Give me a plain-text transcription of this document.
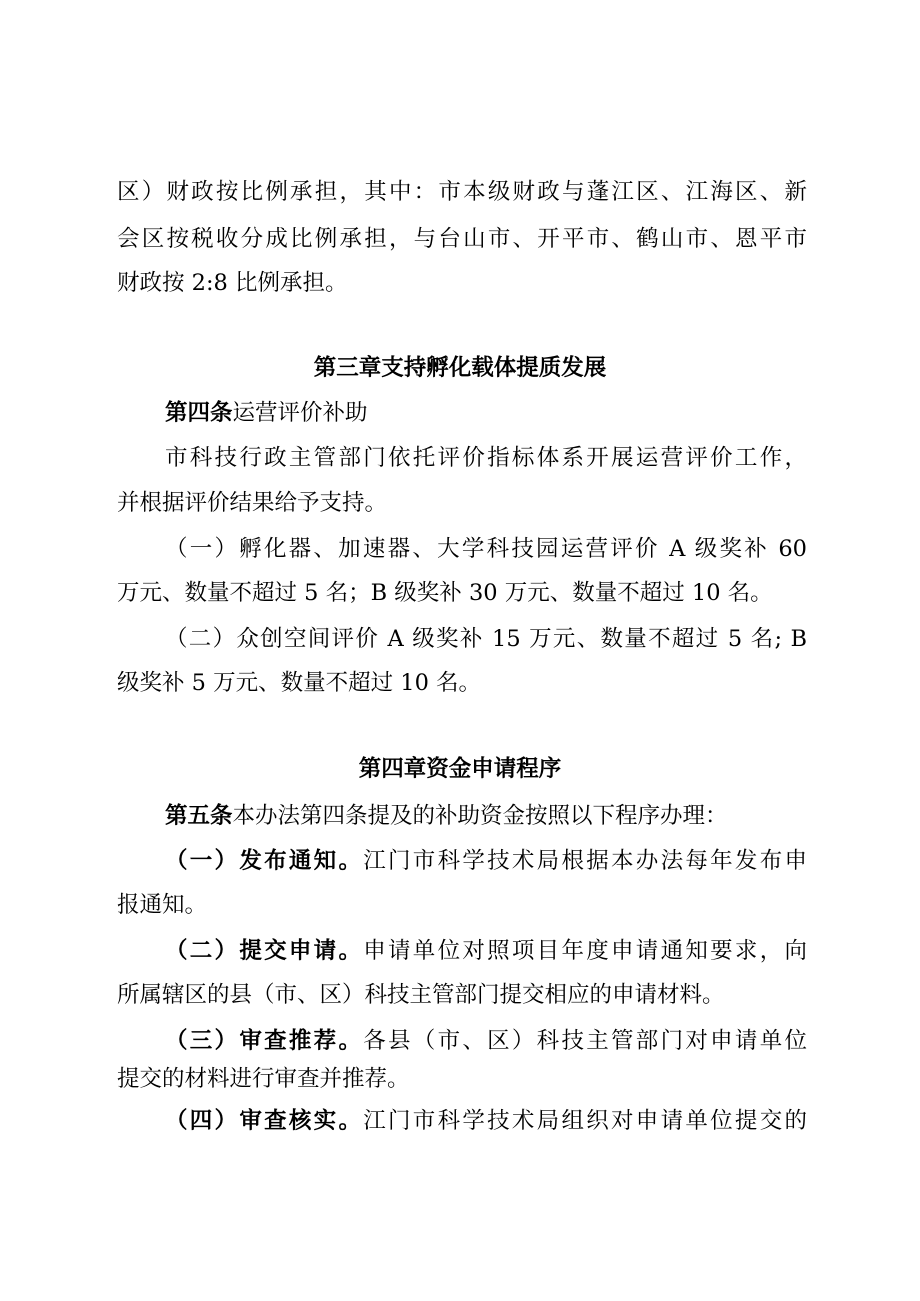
区）财政按比例承担，其中：市本级财政与蓬江区、江海区、新
会区按税收分成比例承担，与台山市、开平市、鹤山市、恩平市
财政按 2:8 比例承担。
第三章支持孵化载体提质发展
第四条运营评价补助
市科技行政主管部门依托评价指标体系开展运营评价工作，
并根据评价结果给予支持。
（一）孵化器、加速器、大学科技园运营评价 A 级奖补 60
万元、数量不超过 5 名；B 级奖补 30 万元、数量不超过 10 名。
（二）众创空间评价 A 级奖补 15 万元、数量不超过 5 名; B
级奖补 5 万元、数量不超过 10 名。
第四章资金申请程序
第五条本办法第四条提及的补助资金按照以下程序办理：
（一）发布通知。江门市科学技术局根据本办法每年发布申
报通知。
（二）提交申请。申请单位对照项目年度申请通知要求，向
所属辖区的县（市、区）科技主管部门提交相应的申请材料。
（三）审查推荐。各县（市、区）科技主管部门对申请单位
提交的材料进行审查并推荐。
（四）审查核实。江门市科学技术局组织对申请单位提交的
